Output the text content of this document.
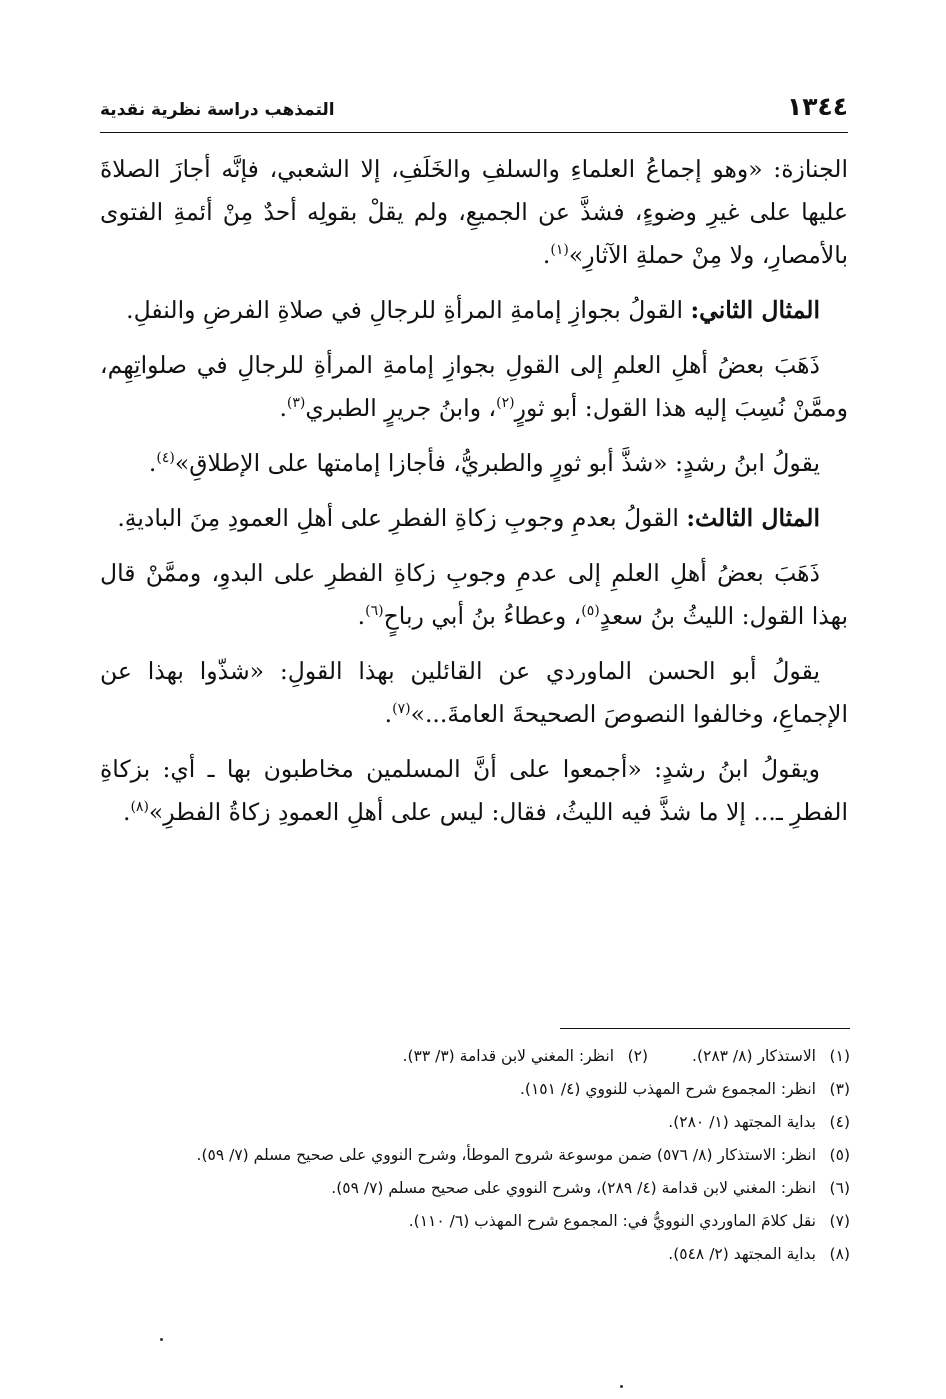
١٣٤٤
التمذهب دراسة نظرية نقدية

الجنازة: «وهو إجماعُ العلماءِ والسلفِ والخَلَفِ، إلا الشعبي، فإنَّه أجازَ الصلاةَ عليها على غيرِ وضوءٍ، فشذَّ عن الجميعِ، ولم يقلْ بقولِه أحدٌ مِنْ أئمةِ الفتوى بالأمصارِ، ولا مِنْ حملةِ الآثارِ»$^{(١)}$.

المثال الثاني: القولُ بجوازِ إمامةِ المرأةِ للرجالِ في صلاةِ الفرضِ والنفلِ.

ذَهَبَ بعضُ أهلِ العلمِ إلى القولِ بجوازِ إمامةِ المرأةِ للرجالِ في صلواتِهِم، وممَّنْ نُسِبَ إليه هذا القول: أبو ثورٍ$^{(٢)}$، وابنُ جريرٍ الطبري$^{(٣)}$.

يقولُ ابنُ رشدٍ: «شذَّ أبو ثورٍ والطبريُّ، فأجازا إمامتها على الإطلاقِ»$^{(٤)}$.

المثال الثالث: القولُ بعدمِ وجوبِ زكاةِ الفطرِ على أهلِ العمودِ مِنَ الباديةِ.

ذَهَبَ بعضُ أهلِ العلمِ إلى عدمِ وجوبِ زكاةِ الفطرِ على البدوِ، وممَّنْ قال بهذا القول: الليثُ بنُ سعدٍ$^{(٥)}$، وعطاءُ بنُ أبي رباحٍ$^{(٦)}$.

يقولُ أبو الحسن الماوردي عن القائلين بهذا القولِ: «شذّوا بهذا عن الإجماعِ، وخالفوا النصوصَ الصحيحةَ العامةَ...»$^{(٧)}$.

ويقولُ ابنُ رشدٍ: «أجمعوا على أنَّ المسلمين مخاطبون بها ـ أي: بزكاةِ الفطرِ ـ... إلا ما شذَّ فيه الليثُ، فقال: ليس على أهلِ العمودِ زكاةُ الفطرِ»$^{(٨)}$.

(١)
الاستذكار (٨/ ٢٨٣).
(٢)
انظر: المغني لابن قدامة (٣/ ٣٣).
(٣)
انظر: المجموع شرح المهذب للنووي (٤/ ١٥١).
(٤)
بداية المجتهد (١/ ٢٨٠).
(٥)
انظر: الاستذكار (٨/ ٥٧٦) ضمن موسوعة شروح الموطأ، وشرح النووي على صحيح مسلم (٧/ ٥٩).
(٦)
انظر: المغني لابن قدامة (٤/ ٢٨٩)، وشرح النووي على صحيح مسلم (٧/ ٥٩).
(٧)
نقل كلامَ الماوردي النوويُّ في: المجموع شرح المهذب (٦/ ١١٠).
(٨)
بداية المجتهد (٢/ ٥٤٨).
